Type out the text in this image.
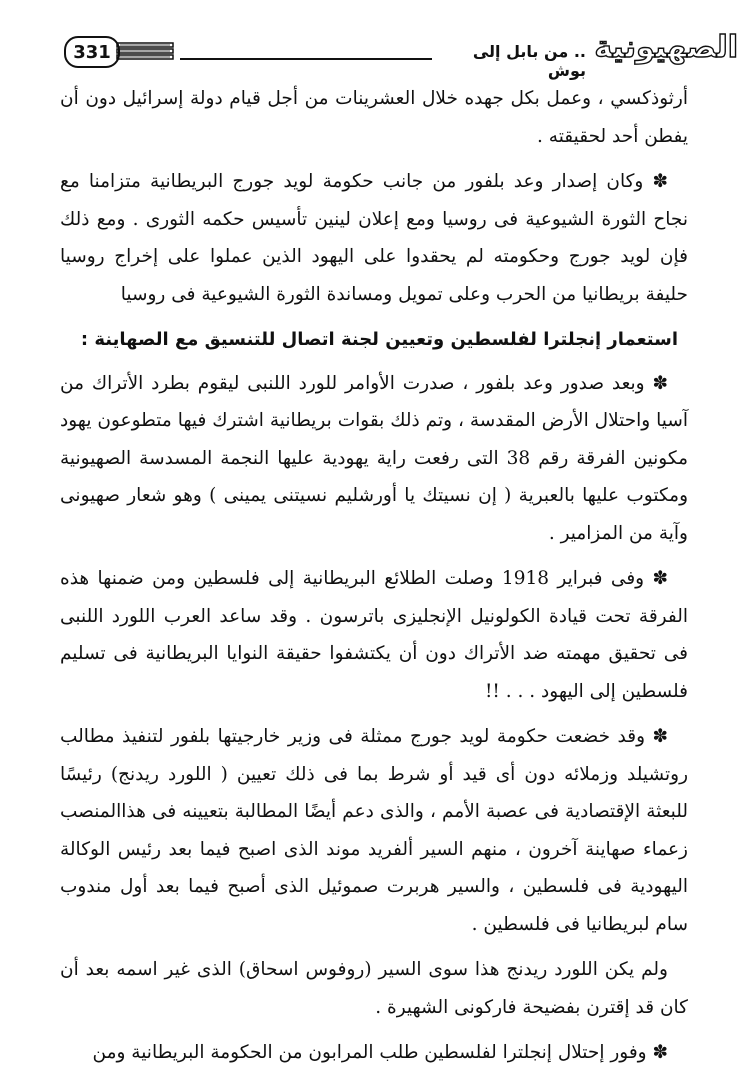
331	.. من بابل إلى بوش
الصهيونية

أرثوذكسي ، وعمل بكل جهده خلال العشرينات من أجل قيام دولة إسرائيل دون أن يفطن أحد لحقيقته .

✽ وكان إصدار وعد بلفور من جانب حكومة لويد جورج البريطانية متزامنا مع نجاح الثورة الشيوعية فى روسيا ومع إعلان لينين تأسيس حكمه الثورى . ومع ذلك فإن لويد جورج وحكومته لم يحقدوا على اليهود الذين عملوا على إخراج روسيا حليفة بريطانيا من الحرب وعلى تمويل ومساندة الثورة الشيوعية فى روسيا

استعمار إنجلترا لفلسطين وتعيين لجنة اتصال للتنسيق مع الصهاينة :

✽ وبعد صدور وعد بلفور ، صدرت الأوامر للورد اللنبى ليقوم بطرد الأتراك من آسيا واحتلال الأرض المقدسة ، وتم ذلك بقوات بريطانية اشترك فيها متطوعون يهود مكونين الفرقة رقم 38 التى رفعت راية يهودية عليها النجمة المسدسة الصهيونية ومكتوب عليها بالعبرية ( إن نسيتك يا أورشليم نسيتنى يمينى ) وهو شعار صهيونى وآية من المزامير .

✽ وفى فبراير 1918 وصلت الطلائع البريطانية إلى فلسطين ومن ضمنها هذه الفرقة تحت قيادة الكولونيل الإنجليزى باترسون . وقد ساعد العرب اللورد اللنبى فى تحقيق مهمته ضد الأتراك دون أن يكتشفوا حقيقة النوايا البريطانية فى تسليم فلسطين إلى اليهود . . . !!

✽ وقد خضعت حكومة لويد جورج ممثلة فى وزير خارجيتها بلفور لتنفيذ مطالب روتشيلد وزملائه دون أى قيد أو شرط بما فى ذلك تعيين ( اللورد ريدنج) رئيسًا للبعثة الإقتصادية فى عصبة الأمم ، والذى دعم أيضًا المطالبة بتعيينه فى هذاالمنصب زعماء صهاينة آخرون ، منهم السير ألفريد موند الذى اصبح فيما بعد رئيس الوكالة اليهودية فى فلسطين ، والسير هربرت صموئيل الذى أصبح فيما بعد أول مندوب سام لبريطانيا فى فلسطين .

ولم يكن اللورد ريدنج هذا سوى السير (روفوس اسحاق) الذى غير اسمه بعد أن كان قد إقترن بفضيحة فاركونى الشهيرة .

✽ وفور إحتلال إنجلترا لفلسطين طلب المرابون من الحكومة البريطانية ومن
